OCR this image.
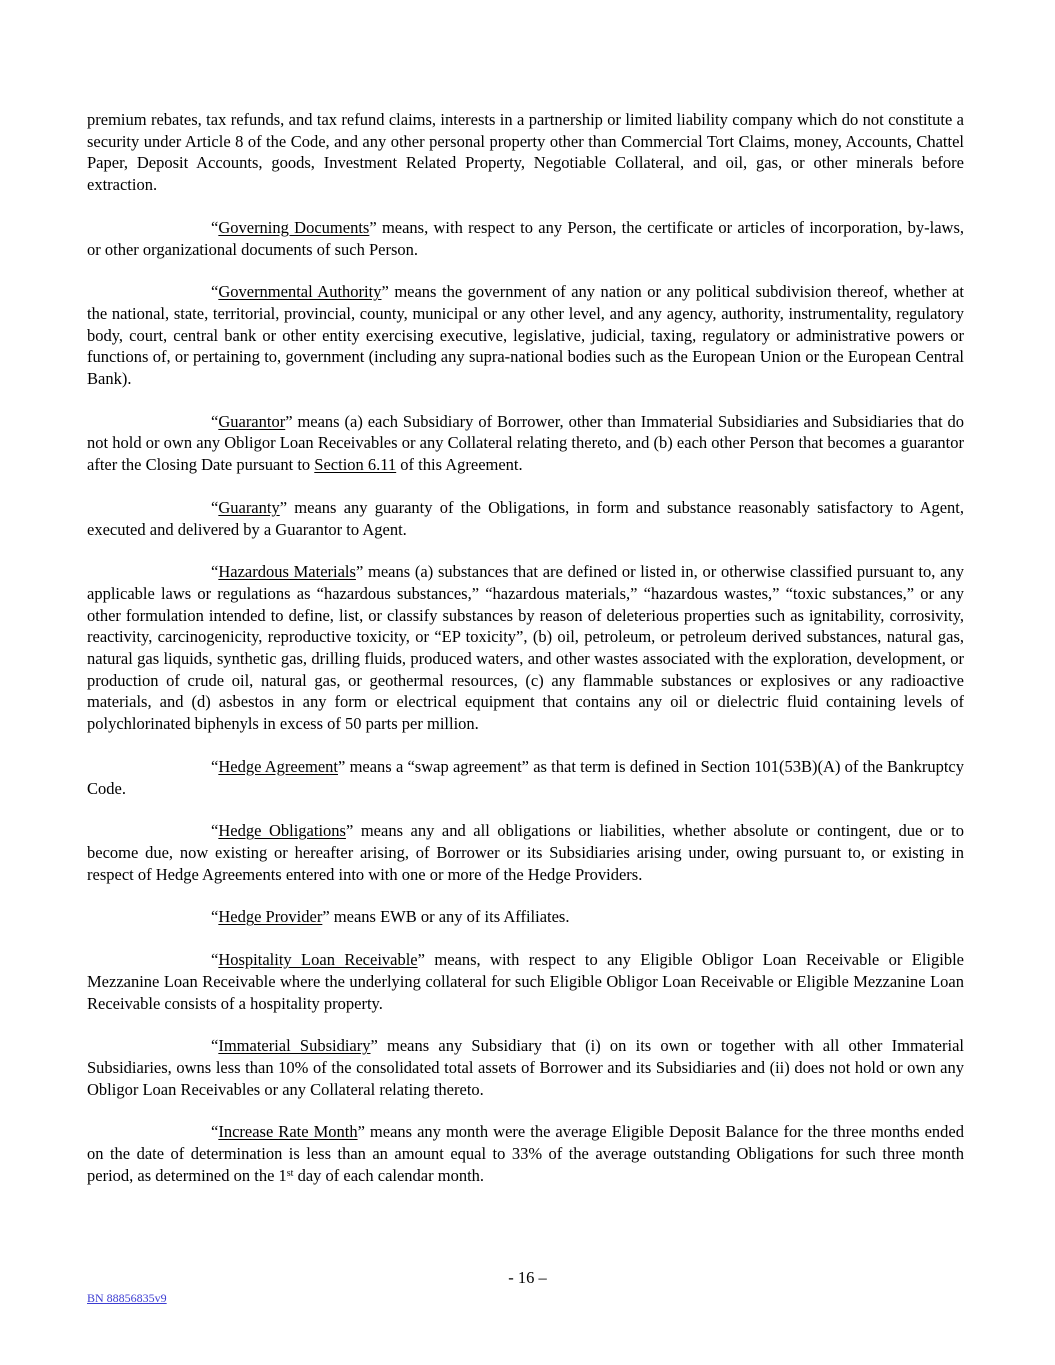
premium rebates, tax refunds, and tax refund claims, interests in a partnership or limited liability company which do not constitute a security under Article 8 of the Code, and any other personal property other than Commercial Tort Claims, money, Accounts, Chattel Paper, Deposit Accounts, goods, Investment Related Property, Negotiable Collateral, and oil, gas, or other minerals before extraction.

“Governing Documents” means, with respect to any Person, the certificate or articles of incorporation, by-laws, or other organizational documents of such Person.

“Governmental Authority” means the government of any nation or any political subdivision thereof, whether at the national, state, territorial, provincial, county, municipal or any other level, and any agency, authority, instrumentality, regulatory body, court, central bank or other entity exercising executive, legislative, judicial, taxing, regulatory or administrative powers or functions of, or pertaining to, government (including any supra-national bodies such as the European Union or the European Central Bank).

“Guarantor” means (a) each Subsidiary of Borrower, other than Immaterial Subsidiaries and Subsidiaries that do not hold or own any Obligor Loan Receivables or any Collateral relating thereto, and (b) each other Person that becomes a guarantor after the Closing Date pursuant to Section 6.11 of this Agreement.

“Guaranty” means any guaranty of the Obligations, in form and substance reasonably satisfactory to Agent, executed and delivered by a Guarantor to Agent.

“Hazardous Materials” means (a) substances that are defined or listed in, or otherwise classified pursuant to, any applicable laws or regulations as “hazardous substances,” “hazardous materials,” “hazardous wastes,” “toxic substances,” or any other formulation intended to define, list, or classify substances by reason of deleterious properties such as ignitability, corrosivity, reactivity, carcinogenicity, reproductive toxicity, or “EP toxicity”, (b) oil, petroleum, or petroleum derived substances, natural gas, natural gas liquids, synthetic gas, drilling fluids, produced waters, and other wastes associated with the exploration, development, or production of crude oil, natural gas, or geothermal resources, (c) any flammable substances or explosives or any radioactive materials, and (d) asbestos in any form or electrical equipment that contains any oil or dielectric fluid containing levels of polychlorinated biphenyls in excess of 50 parts per million.

“Hedge Agreement” means a “swap agreement” as that term is defined in Section 101(53B)(A) of the Bankruptcy Code.

“Hedge Obligations” means any and all obligations or liabilities, whether absolute or contingent, due or to become due, now existing or hereafter arising, of Borrower or its Subsidiaries arising under, owing pursuant to, or existing in respect of Hedge Agreements entered into with one or more of the Hedge Providers.

“Hedge Provider” means EWB or any of its Affiliates.

“Hospitality Loan Receivable” means, with respect to any Eligible Obligor Loan Receivable or Eligible Mezzanine Loan Receivable where the underlying collateral for such Eligible Obligor Loan Receivable or Eligible Mezzanine Loan Receivable consists of a hospitality property.

“Immaterial Subsidiary” means any Subsidiary that (i) on its own or together with all other Immaterial Subsidiaries, owns less than 10% of the consolidated total assets of Borrower and its Subsidiaries and (ii) does not hold or own any Obligor Loan Receivables or any Collateral relating thereto.

“Increase Rate Month” means any month were the average Eligible Deposit Balance for the three months ended on the date of determination is less than an amount equal to 33% of the average outstanding Obligations for such three month period, as determined on the 1st day of each calendar month.

- 16 –
BN 88856835v9
